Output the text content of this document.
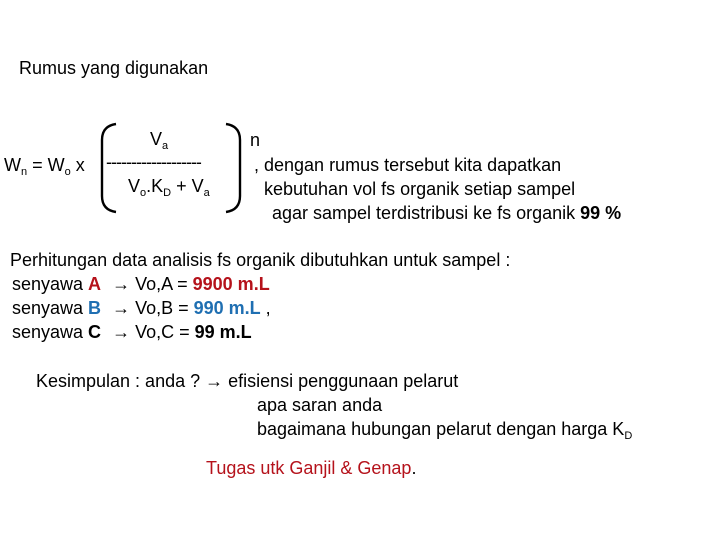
Rumus yang digunakan
$W_n = W_o$ x
$V_a$
-------------------
$V_o.K_D + V_a$
n
, dengan rumus tersebut kita dapatkan
kebutuhan vol fs organik setiap sampel
agar sampel terdistribusi ke fs organik 99 %
Perhitungan data analisis fs organik dibutuhkan untuk sampel :
senyawa A → Vo,A = 9900 m.L
senyawa B → Vo,B = 990 m.L ,
senyawa C → Vo,C = 99 m.L
Kesimpulan : anda ? → efisiensi penggunaan pelarut
apa saran anda
bagaimana hubungan pelarut dengan harga $K_D$
Tugas utk Ganjil & Genap.
